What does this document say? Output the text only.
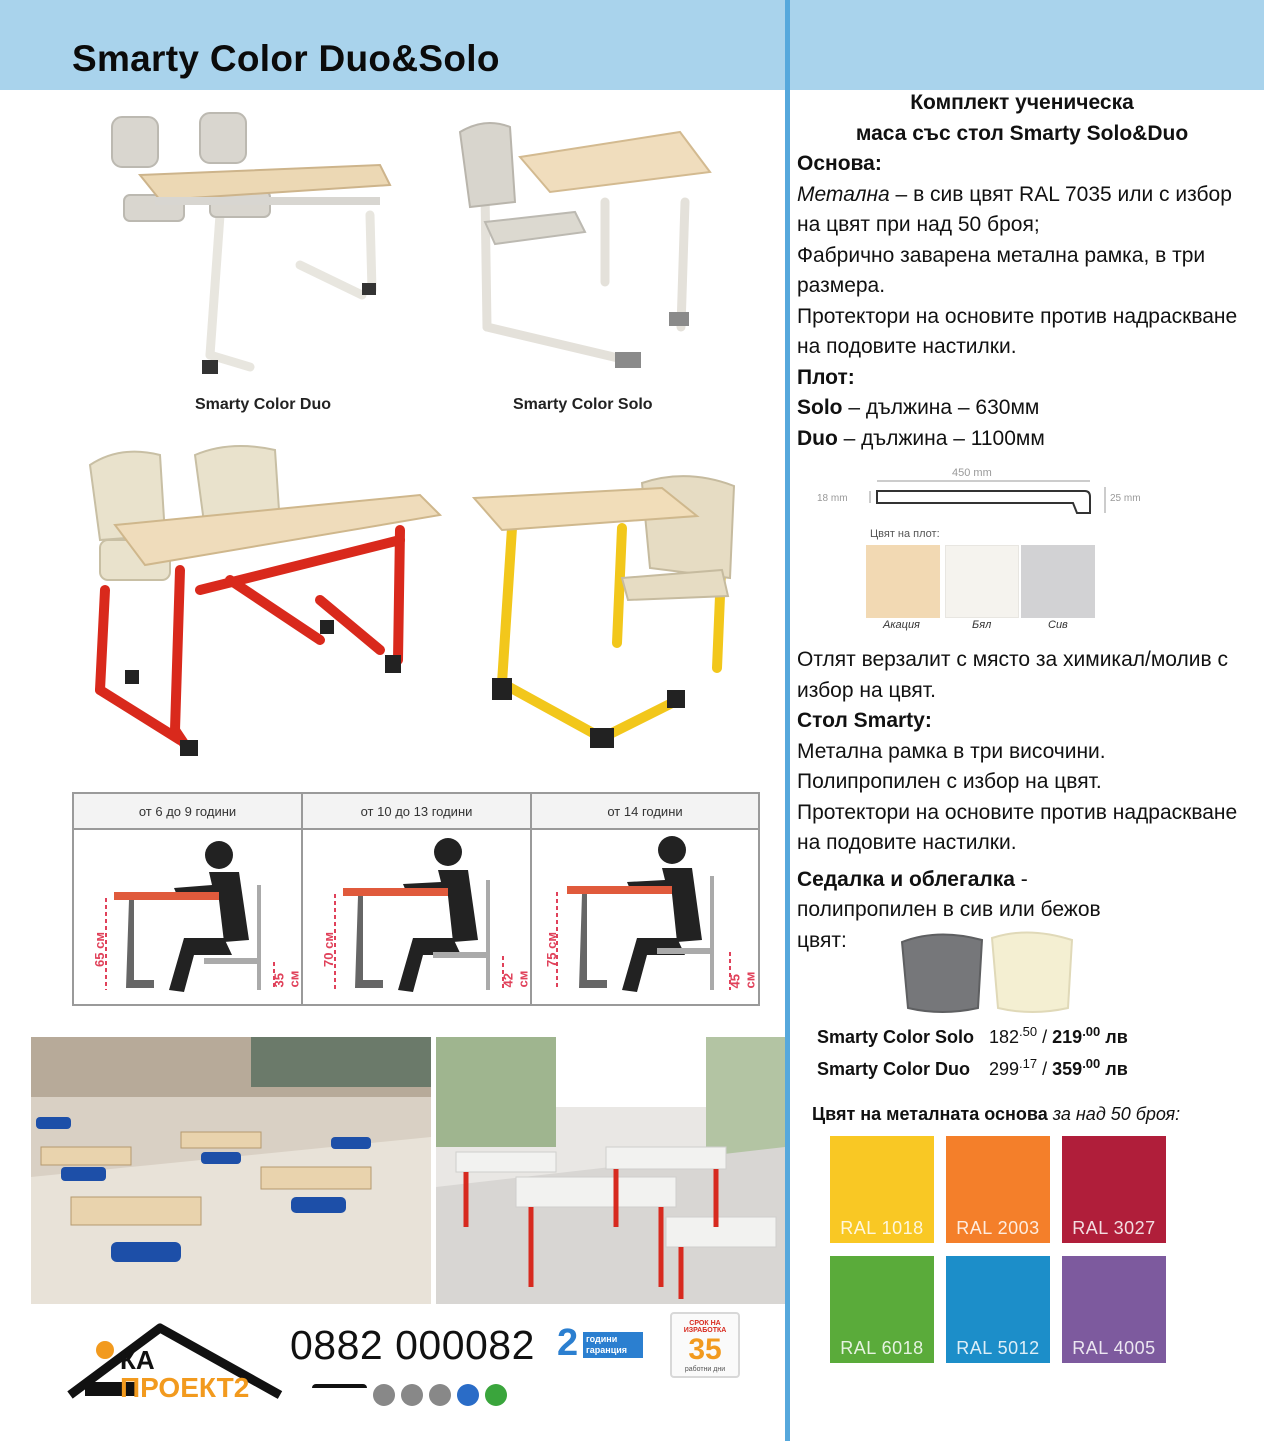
Smarty Color Duo&Solo
Smarty Color Duo	Smarty Color Solo
от 6 до 9 години	от 10 до 13 години	от 14 години
65 см
35 см
70 см
42 см
75 см
45 см
КА
ПРОЕКТ2
0882 000082 2 години гаранция
СРОК НА ИЗРАБОТКА
35
работни дни
Комплект ученическа
маса със стол Smarty Solo&Duo
Основа:
Метална – в сив цвят RAL 7035 или с избор на цвят при над 50 броя;
Фабрично заварена метална рамка, в три размера.
Протектори на основите против надраскване на подовите настилки.
Плот:
Solo – дължина – 630мм
Duo – дължина – 1100мм
450 mm
18 mm	25 mm
Цвят на плот:
Акация	Бял	Сив
Отлят верзалит с място за химикал/молив с избор на цвят.
Стол Smarty:
Метална рамка в три височини.
Полипропилен с избор на цвят.
Протектори на основите против надраскване на подовите настилки.
Седалка и облегалка - полипропилен в сив или бежов цвят:
Smarty Color Solo $182^{.50} / 219^{.00}$ лв
Smarty Color Duo $299^{.17} / 359^{.00}$ лв
Цвят на металната основа за над 50 броя:
RAL 1018	RAL 2003	RAL 3027
RAL 6018	RAL 5012	RAL 4005
